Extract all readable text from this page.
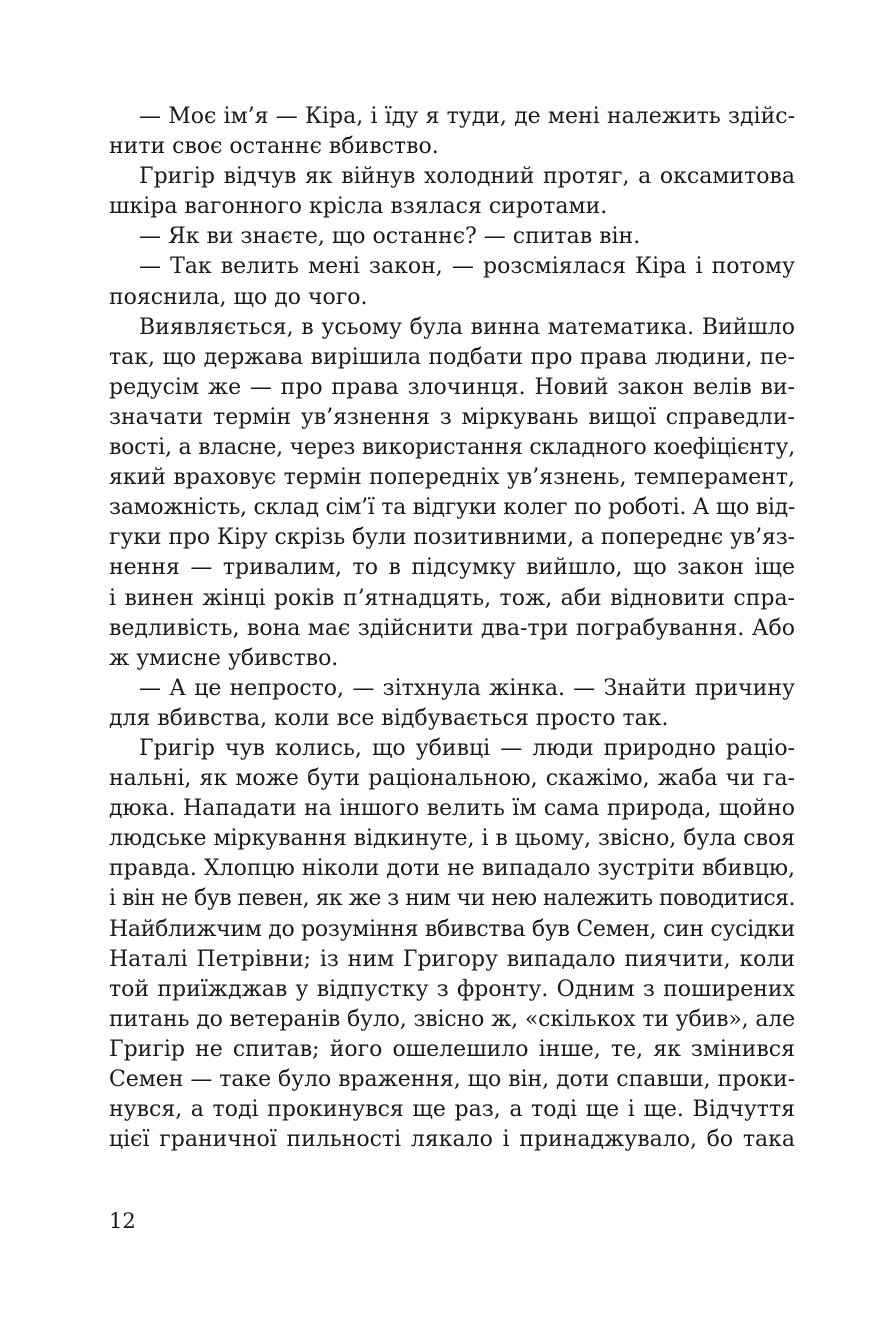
— Моє ім’я — Кіра, і їду я туди, де мені належить здійс-
нити своє останнє вбивство.
Григір відчув як війнув холодний протяг, а оксамитова
шкіра вагонного крісла взялася сиротами.
— Як ви знаєте, що останнє? — спитав він.
— Так велить мені закон, — розсміялася Кіра і потому
пояснила, що до чого.
Виявляється, в усьому була винна математика. Вийшло
так, що держава вирішила подбати про права людини, пе-
редусім же — про права злочинця. Новий закон велів ви-
значати термін ув’язнення з міркувань вищої справедли-
вості, а власне, через використання складного коефіцієнту,
який враховує термін попередніх ув’язнень, темперамент,
заможність, склад сім’ї та відгуки колег по роботі. А що від-
гуки про Кіру скрізь були позитивними, а попереднє ув’яз-
нення — тривалим, то в підсумку вийшло, що закон іще
і винен жінці років п’ятнадцять, тож, аби відновити спра-
ведливість, вона має здійснити два-три пограбування. Або
ж умисне убивство.
— А це непросто, — зітхнула жінка. — Знайти причину
для вбивства, коли все відбувається просто так.
Григір чув колись, що убивці — люди природно раціо-
нальні, як може бути раціональною, скажімо, жаба чи га-
дюка. Нападати на іншого велить їм сама природа, щойно
людське міркування відкинуте, і в цьому, звісно, була своя
правда. Хлопцю ніколи доти не випадало зустріти вбивцю,
і він не був певен, як же з ним чи нею належить поводитися.
Найближчим до розуміння вбивства був Семен, син сусідки
Наталі Петрівни; із ним Григору випадало пиячити, коли
той приїжджав у відпустку з фронту. Одним з поширених
питань до ветеранів було, звісно ж, «скількох ти убив», але
Григір не спитав; його ошелешило інше, те, як змінився
Семен — таке було враження, що він, доти спавши, прoки-
нувся, а тоді прокинувся ще раз, а тоді ще і ще. Відчуття
цієї граничної пильності лякало і принаджувало, бо така
12
